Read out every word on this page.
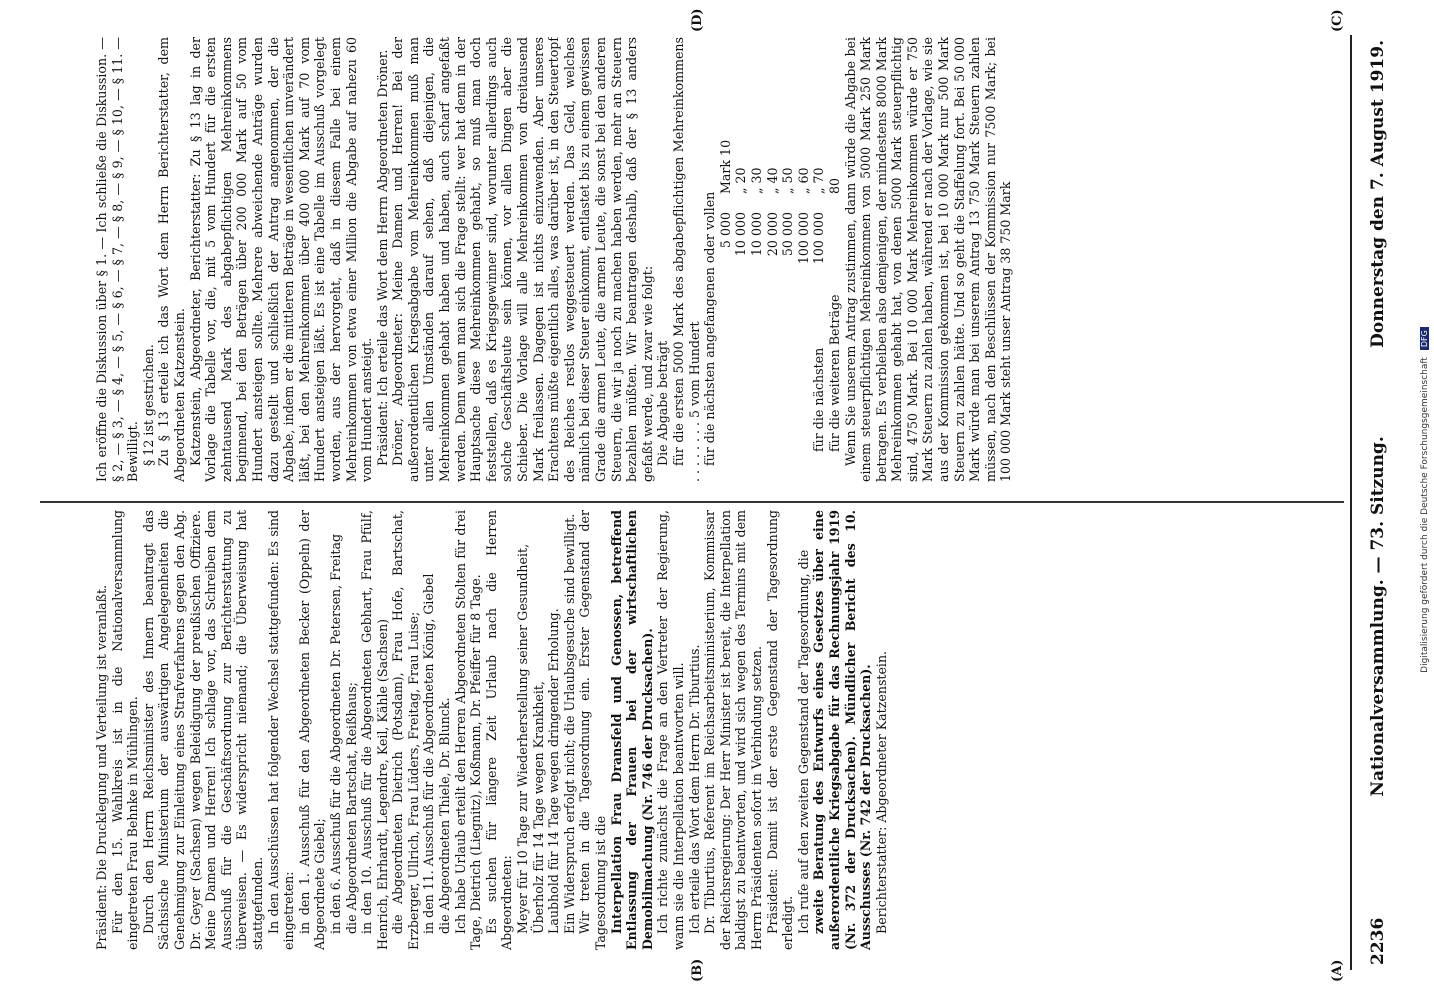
2236
Nationalversammlung. — 73. Sitzung.
Donnerstag den 7. August 1919.
(A)
(B)
(C)
(D)

Präsident: Die Drucklegung und Verteilung ist veranlaßt. Für den 15. Wahlkreis ist in die Nationalversammlung eingetreten Frau Behnke in Mühlingen. Durch den Herrn Reichsminister des Innern beantragt das Sächsische Ministerium der auswärtigen Angelegenheiten die Genehmigung zur Einleitung eines Strafverfahrens gegen den Abg. Dr. Geyer (Sachsen) wegen Beleidigung der preußischen Offiziere. Meine Damen und Herren! Ich schlage vor, das Schreiben dem Ausschuß für die Geschäftsordnung zur Berichterstattung zu überweisen. — Es widerspricht niemand; die Überweisung hat stattgefunden. In den Ausschüssen hat folgender Wechsel stattgefunden: Es sind eingetreten: in den 1. Ausschuß für den Abgeordneten Becker (Oppeln) der Abgeordnete Giebel; in den 6. Ausschuß für die Abgeordneten Dr. Petersen, Freitag die Abgeordneten Bartschat, Reißhaus; in den 10. Ausschuß für die Abgeordneten Gebhart, Frau Pfülf, Henrich, Ehrhardt, Legendre, Keil, Kähle (Sachsen) die Abgeordneten Dietrich (Potsdam), Frau Hofe, Bartschat, Erzberger, Ullrich, Frau Lüders, Freitag, Frau Luise; in den 11. Ausschuß für die Abgeordneten König, Giebel die Abgeordneten Thiele, Dr. Blunck. Ich habe Urlaub erteilt den Herren Abgeordneten Stolten für drei Tage, Dietrich (Liegnitz), Koßmann, Dr. Pfeiffer für 8 Tage. Es suchen für längere Zeit Urlaub nach die Herren Abgeordneten: Meyer für 10 Tage zur Wiederherstellung seiner Gesundheit, Überholz für 14 Tage wegen Krankheit, Laubhold für 14 Tage wegen dringender Erholung. Ein Widerspruch erfolgt nicht; die Urlaubsgesuche sind bewilligt. Wir treten in die Tagesordnung ein. Erster Gegenstand der Tagesordnung ist die Interpellation Frau Dransfeld und Genossen, betreffend Entlassung der Frauen bei der wirtschaftlichen Demobilmachung (Nr. 746 der Drucksachen). Ich richte zunächst die Frage an den Vertreter der Regierung, wann sie die Interpellation beantworten will. Ich erteile das Wort dem Herrn Dr. Tiburtius. Dr. Tiburtius, Referent im Reichsarbeitsministerium, Kommissar der Reichsregierung: Der Herr Minister ist bereit, die Interpellation baldigst zu beantworten, und wird sich wegen des Termins mit dem Herrn Präsidenten sofort in Verbindung setzen. Präsident: Damit ist der erste Gegenstand der Tagesordnung erledigt. Ich rufe auf den zweiten Gegenstand der Tagesordnung, die zweite Beratung des Entwurfs eines Gesetzes über eine außerordentliche Kriegsabgabe für das Rechnungsjahr 1919 (Nr. 372 der Drucksachen). Mündlicher Bericht des 10. Ausschusses (Nr. 742 der Drucksachen). Berichterstatter: Abgeordneter Katzenstein.

Ich eröffne die Diskussion über § 1. — Ich schließe die Diskussion. — § 2, — § 3, — § 4, — § 5, — § 6, — § 7, — § 8, — § 9, — § 10, — § 11. — Bewilligt. § 12 ist gestrichen. Zu § 13 erteile ich das Wort dem Herrn Berichterstatter, dem Abgeordneten Katzenstein. Katzenstein, Abgeordneter, Berichterstatter: Zu § 13 lag in der Vorlage die Tabelle vor, die, mit 5 vom Hundert für die ersten zehntausend Mark des abgabepflichtigen Mehreinkommens beginnend, bei den Beträgen über 200 000 Mark auf 50 vom Hundert ansteigen sollte. Mehrere abweichende Anträge wurden dazu gestellt und schließlich der Antrag angenommen, der die Abgabe, indem er die mittleren Beträge in wesentlichen unverändert läßt, bei den Mehreinkommen über 400 000 Mark auf 70 vom Hundert ansteigen läßt. Es ist eine Tabelle im Ausschuß vorgelegt worden, aus der hervorgeht, daß in diesem Falle bei einem Mehreinkommen von etwa einer Million die Abgabe auf nahezu 60 vom Hundert ansteigt. Präsident: Ich erteile das Wort dem Herrn Abgeordneten Dröner. Dröner, Abgeordneter: Meine Damen und Herren! Bei der außerordentlichen Kriegsabgabe vom Mehreinkommen muß man unter allen Umständen darauf sehen, daß diejenigen, die Mehreinkommen gehabt haben und haben, auch scharf angefaßt werden. Denn wenn man sich die Frage stellt: wer hat denn in der Hauptsache diese Mehreinkommen gehabt, so muß man doch feststellen, daß es Kriegsgewinner sind, worunter allerdings auch solche Geschäftsleute sein können, vor allen Dingen aber die Schieber. Die Vorlage will alle Mehreinkommen von dreitausend Mark freilassen. Dagegen ist nichts einzuwenden. Aber unseres Erachtens müßte eigentlich alles, was darüber ist, in den Steuertopf des Reiches restlos weggesteuert werden. Das Geld, welches nämlich bei dieser Steuer einkommt, entlastet bis zu einem gewissen Grade die armen Leute, die armen Leute, die sonst bei den anderen Steuern, die wir ja noch zu machen haben werden, mehr an Steuern bezahlen müßten. Wir beantragen deshalb, daß der § 13 anders gefaßt werde, und zwar wie folgt: Die Abgabe beträgt für die ersten 5000 Mark des abgabepflichtigen Mehreinkommens . . . . . . . . 5 vom Hundert für die nächsten angefangenen oder vollen 5 000
Mark 10
10 000
„ 20
10 000
„ 30
20 000
„ 40
50 000
„ 50
100 000
„ 60
für die nächsten
100 000
„ 70
für die weiteren Beträge
80 Wenn Sie unserem Antrag zustimmen, dann würde die Abgabe bei einem steuerpflichtigen Mehreinkommen von 5000 Mark 250 Mark betragen. Es verbleiben also demjenigen, der mindestens 8000 Mark Mehreinkommen gehabt hat, von denen 5000 Mark steuerpflichtig sind, 4750 Mark. Bei 10 000 Mark Mehreinkommen würde er 750 Mark Steuern zu zahlen haben, während er nach der Vorlage, wie sie aus der Kommission gekommen ist, bei 10 000 Mark nur 500 Mark Steuern zu zahlen hätte. Und so geht die Staffelung fort. Bei 50 000 Mark würde man bei unserem Antrag 13 750 Mark Steuern zahlen müssen, nach den Beschlüssen der Kommission nur 7500 Mark; bei 100 000 Mark steht unser Antrag 38 750 Mark

Digitalisierung gefördert durch die Deutsche Forschungsgemeinschaft DFG
